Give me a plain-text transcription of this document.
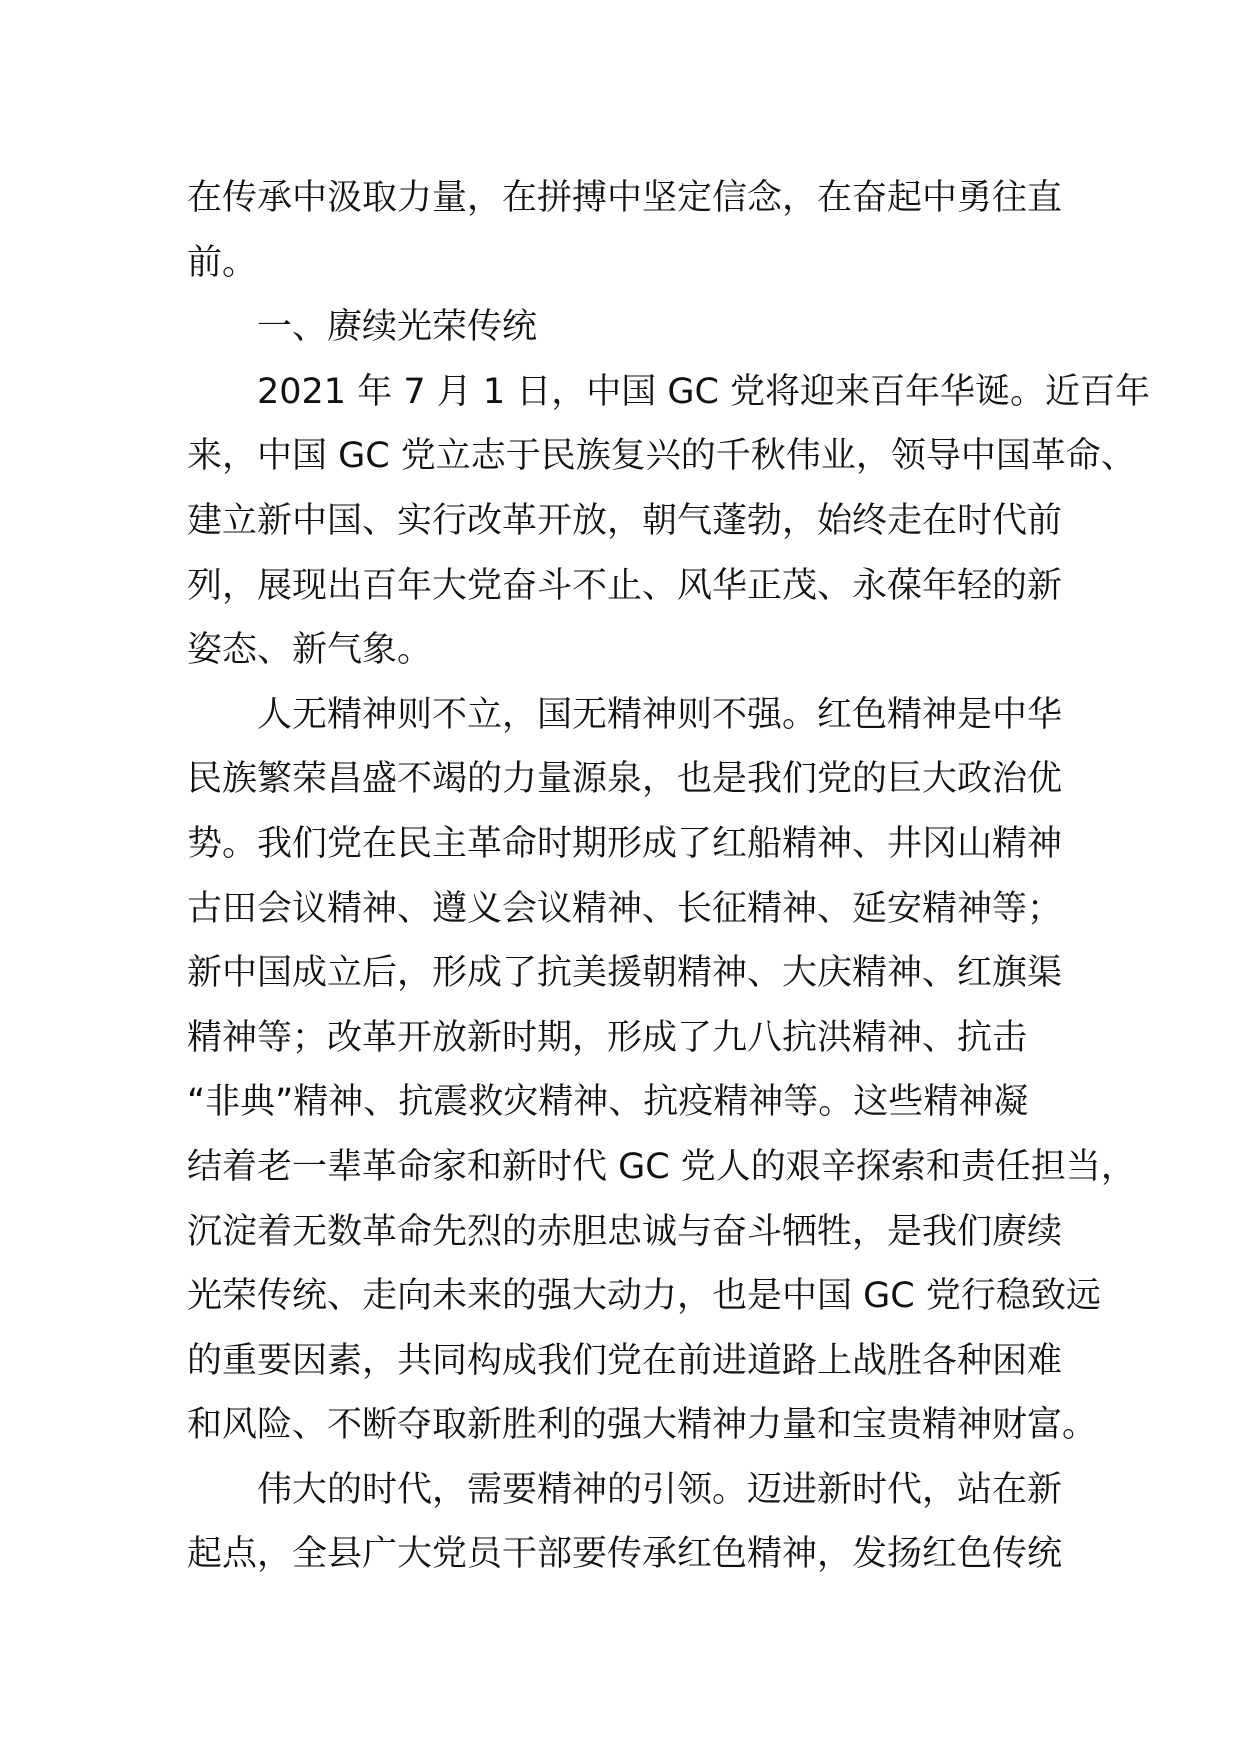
在传承中汲取力量，在拼搏中坚定信念，在奋起中勇往直
前。

一、赓续光荣传统

2021 年 7 月 1 日，中国 GC 党将迎来百年华诞。近百年
来，中国 GC 党立志于民族复兴的千秋伟业，领导中国革命、
建立新中国、实行改革开放，朝气蓬勃，始终走在时代前
列，展现出百年大党奋斗不止、风华正茂、永葆年轻的新
姿态、新气象。

人无精神则不立，国无精神则不强。红色精神是中华
民族繁荣昌盛不竭的力量源泉，也是我们党的巨大政治优
势。我们党在民主革命时期形成了红船精神、井冈山精神
古田会议精神、遵义会议精神、长征精神、延安精神等；
新中国成立后，形成了抗美援朝精神、大庆精神、红旗渠
精神等；改革开放新时期，形成了九八抗洪精神、抗击
“非典”精神、抗震救灾精神、抗疫精神等。这些精神凝
结着老一辈革命家和新时代 GC 党人的艰辛探索和责任担当，
沉淀着无数革命先烈的赤胆忠诚与奋斗牺牲，是我们赓续
光荣传统、走向未来的强大动力，也是中国 GC 党行稳致远
的重要因素，共同构成我们党在前进道路上战胜各种困难
和风险、不断夺取新胜利的强大精神力量和宝贵精神财富。

伟大的时代，需要精神的引领。迈进新时代，站在新
起点，全县广大党员干部要传承红色精神，发扬红色传统
